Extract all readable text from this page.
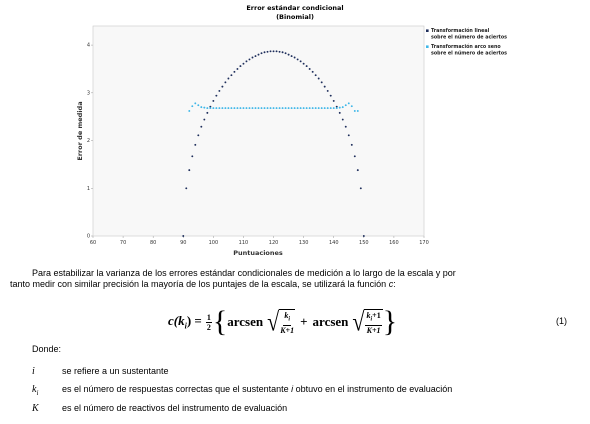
Error estándar condicional
(Binomial)
0
1
2
3
4
60	70	80	90	100	110	120	130	140	150	160	170
Puntuaciones
Error de medida
Transformación lineal
sobre el número de aciertos
Transformación arco seno
sobre el número de aciertos
Para estabilizar la varianza de los errores estándar condicionales de medición a lo largo de la escala y por
tanto medir con similar precisión la mayoría de los puntajes de la escala, se utilizará la función c:
$c(k_i) = \frac{1}{2}$ { arcsen √ $\frac{k_i}{K+1}$ + arcsen √ $\frac{k_i+1}{K+1}$ }	(1)
Donde:
i	se refiere a un sustentante
$k_i$	es el número de respuestas correctas que el sustentante i obtuvo en el instrumento de evaluación
K	es el número de reactivos del instrumento de evaluación
